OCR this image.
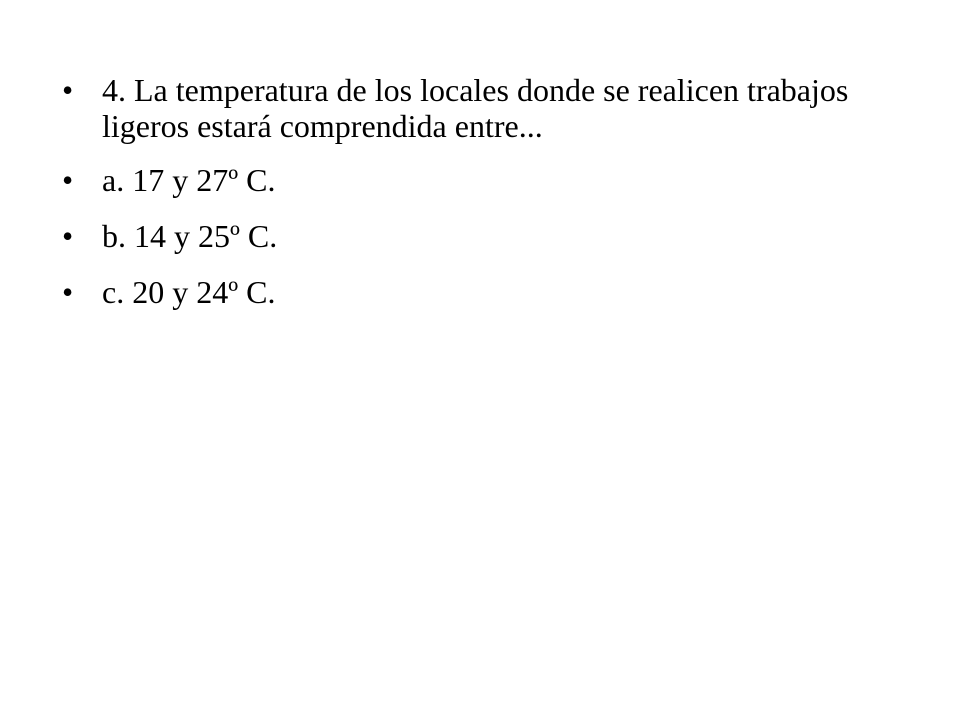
• 4. La temperatura de los locales donde se realicen trabajos ligeros estará comprendida entre...
• a. 17 y 27º C.
• b. 14 y 25º C.
• c. 20 y 24º C.
